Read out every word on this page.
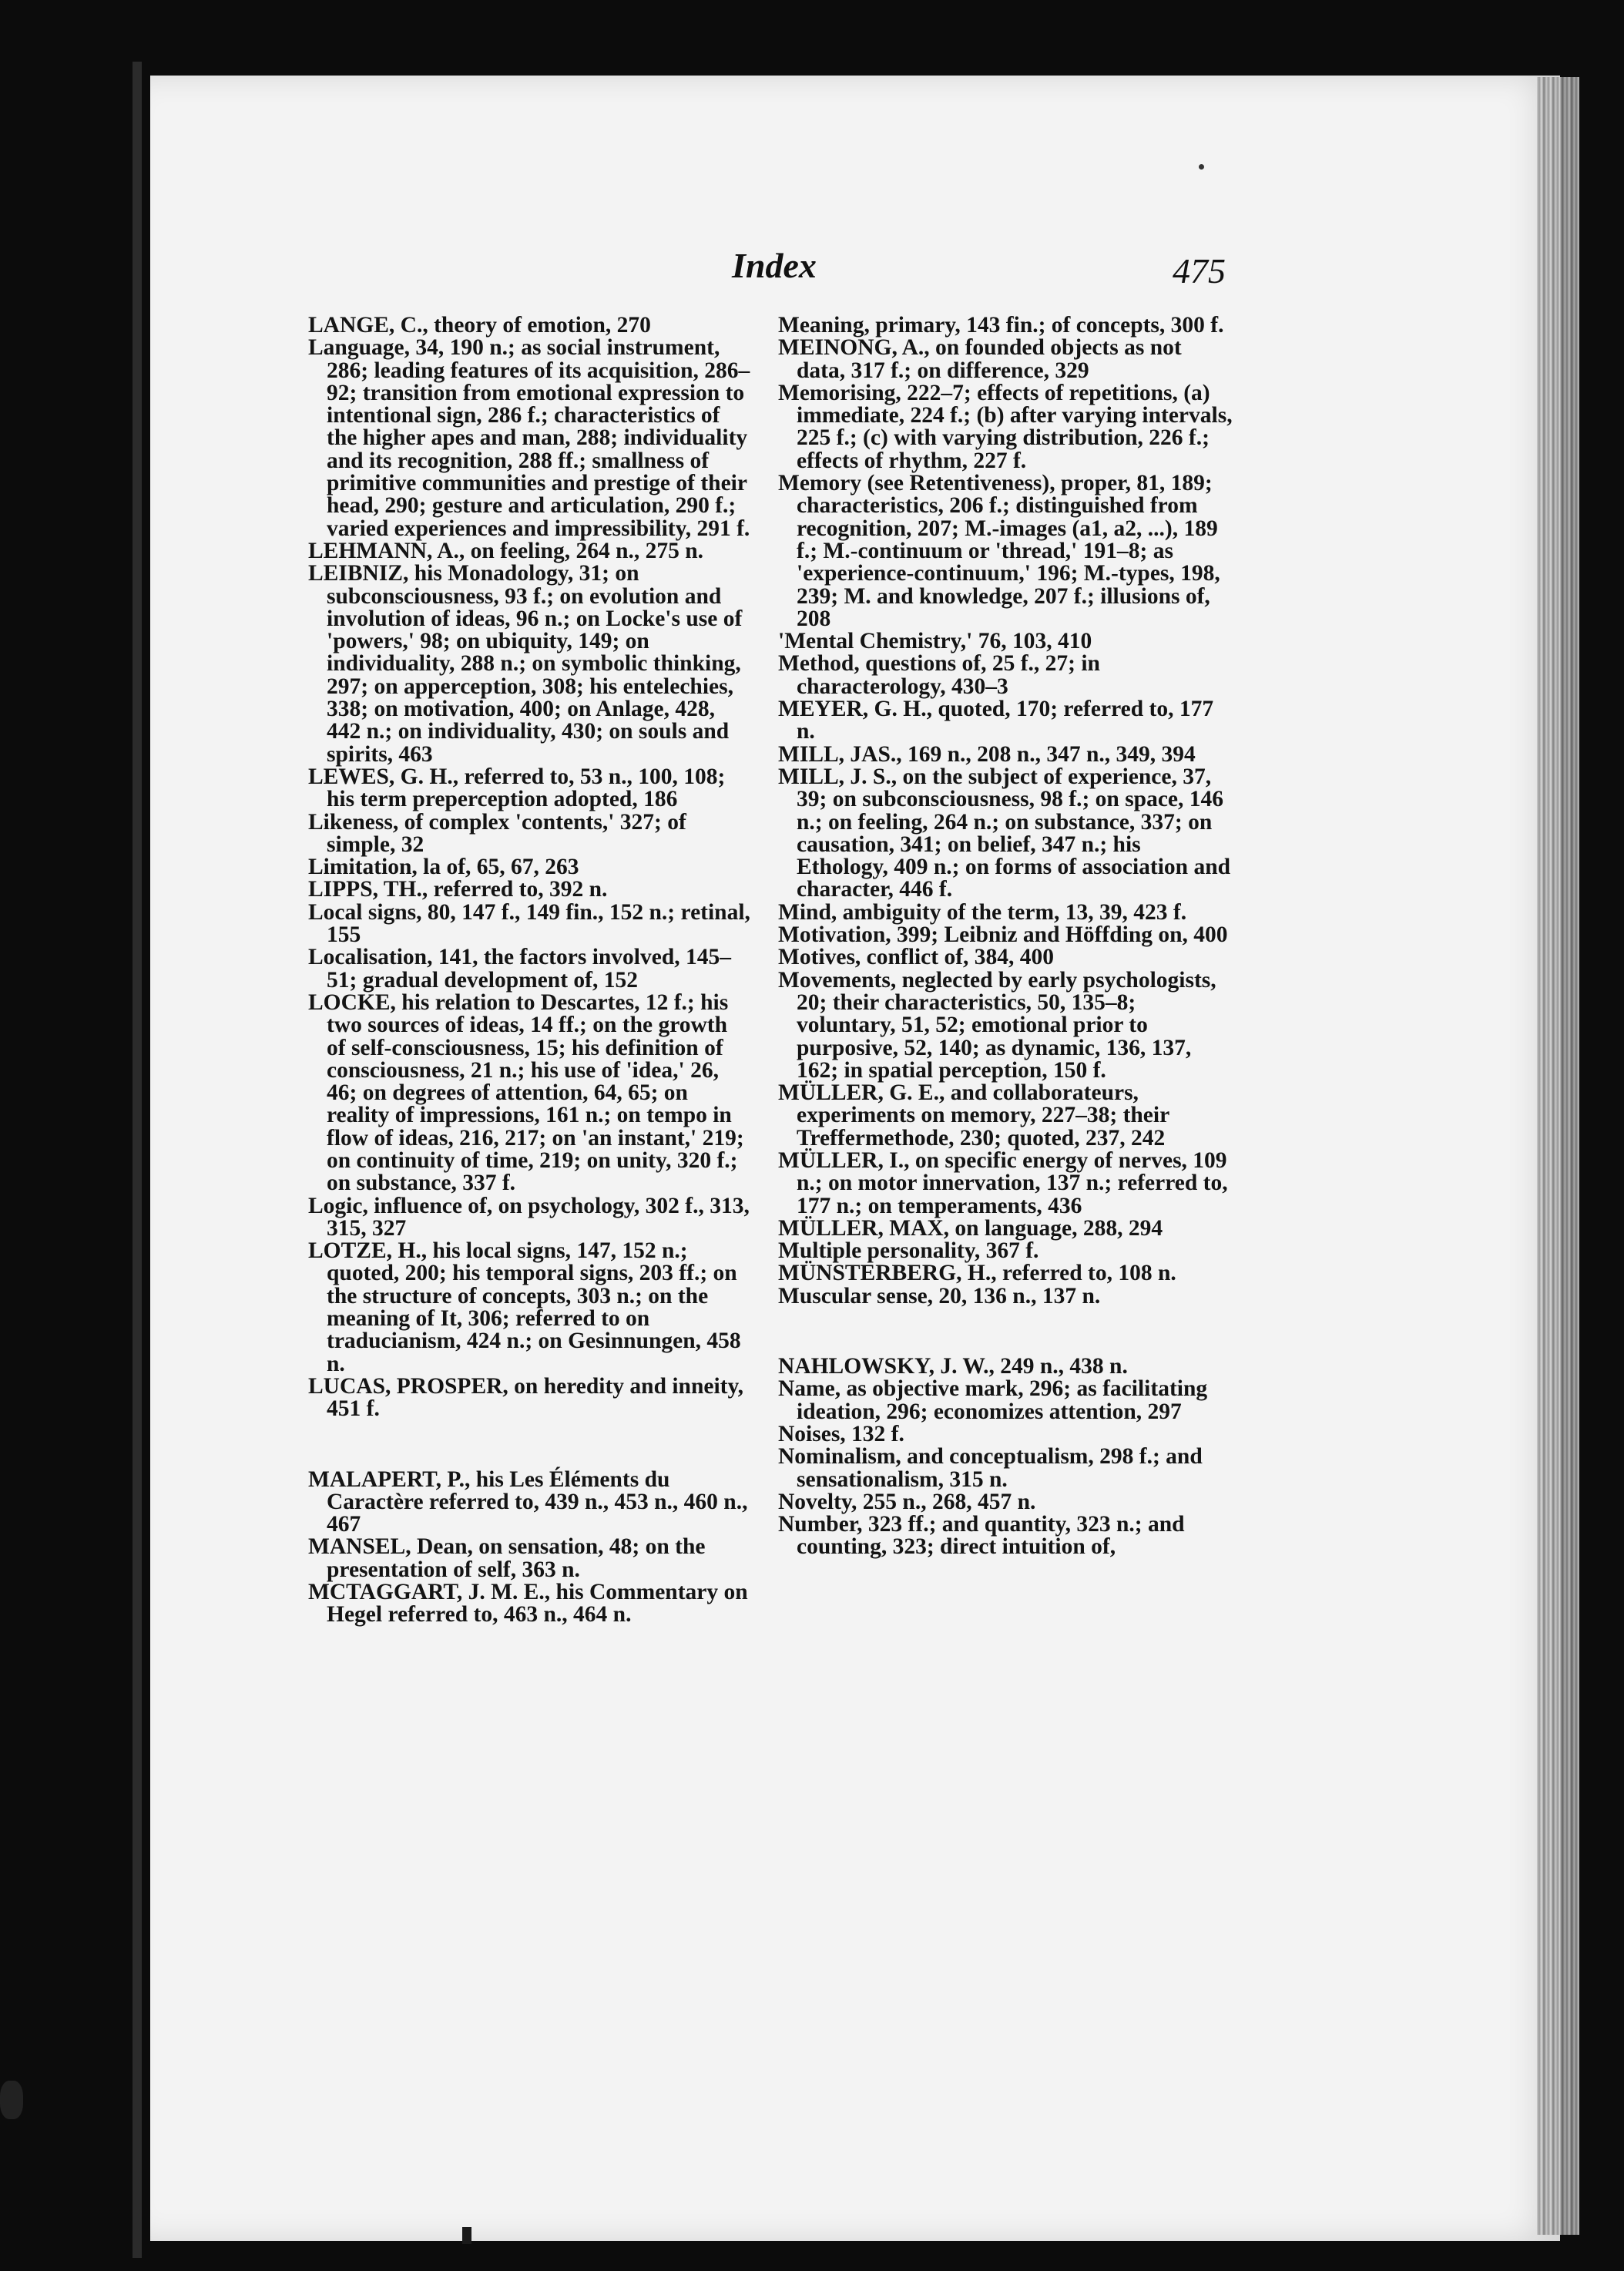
Index	475

LANGE, C., theory of emotion, 270

Language, 34, 190 n.; as social instrument, 286; leading features of its acquisition, 286–92; transition from emotional expression to intentional sign, 286 f.; characteristics of the higher apes and man, 288; individuality and its recognition, 288 ff.; smallness of primitive communities and prestige of their head, 290; gesture and articulation, 290 f.; varied experiences and impressibility, 291 f.

LEHMANN, A., on feeling, 264 n., 275 n.

LEIBNIZ, his Monadology, 31; on subconsciousness, 93 f.; on evolution and involution of ideas, 96 n.; on Locke's use of 'powers,' 98; on ubiquity, 149; on individuality, 288 n.; on symbolic thinking, 297; on apperception, 308; his entelechies, 338; on motivation, 400; on Anlage, 428, 442 n.; on individuality, 430; on souls and spirits, 463

LEWES, G. H., referred to, 53 n., 100, 108; his term preperception adopted, 186

Likeness, of complex 'contents,' 327; of simple, 32

Limitation, la of, 65, 67, 263

LIPPS, TH., referred to, 392 n.

Local signs, 80, 147 f., 149 fin., 152 n.; retinal, 155

Localisation, 141, the factors involved, 145–51; gradual development of, 152

LOCKE, his relation to Descartes, 12 f.; his two sources of ideas, 14 ff.; on the growth of self-consciousness, 15; his definition of consciousness, 21 n.; his use of 'idea,' 26, 46; on degrees of attention, 64, 65; on reality of impressions, 161 n.; on tempo in flow of ideas, 216, 217; on 'an instant,' 219; on continuity of time, 219; on unity, 320 f.; on substance, 337 f.

Logic, influence of, on psychology, 302 f., 313, 315, 327

LOTZE, H., his local signs, 147, 152 n.; quoted, 200; his temporal signs, 203 ff.; on the structure of concepts, 303 n.; on the meaning of It, 306; referred to on traducianism, 424 n.; on Gesinnungen, 458 n.

LUCAS, PROSPER, on heredity and inneity, 451 f.

MALAPERT, P., his Les Éléments du Caractère referred to, 439 n., 453 n., 460 n., 467

MANSEL, Dean, on sensation, 48; on the presentation of self, 363 n.

MCTAGGART, J. M. E., his Commentary on Hegel referred to, 463 n., 464 n.

Meaning, primary, 143 fin.; of concepts, 300 f.

MEINONG, A., on founded objects as not data, 317 f.; on difference, 329

Memorising, 222–7; effects of repetitions, (a) immediate, 224 f.; (b) after varying intervals, 225 f.; (c) with varying distribution, 226 f.; effects of rhythm, 227 f.

Memory (see Retentiveness), proper, 81, 189; characteristics, 206 f.; distinguished from recognition, 207; M.-images (a1, a2, ...), 189 f.; M.-continuum or 'thread,' 191–8; as 'experience-continuum,' 196; M.-types, 198, 239; M. and knowledge, 207 f.; illusions of, 208

'Mental Chemistry,' 76, 103, 410

Method, questions of, 25 f., 27; in characterology, 430–3

MEYER, G. H., quoted, 170; referred to, 177 n.

MILL, JAS., 169 n., 208 n., 347 n., 349, 394

MILL, J. S., on the subject of experience, 37, 39; on subconsciousness, 98 f.; on space, 146 n.; on feeling, 264 n.; on substance, 337; on causation, 341; on belief, 347 n.; his Ethology, 409 n.; on forms of association and character, 446 f.

Mind, ambiguity of the term, 13, 39, 423 f.

Motivation, 399; Leibniz and Höffding on, 400

Motives, conflict of, 384, 400

Movements, neglected by early psychologists, 20; their characteristics, 50, 135–8; voluntary, 51, 52; emotional prior to purposive, 52, 140; as dynamic, 136, 137, 162; in spatial perception, 150 f.

MÜLLER, G. E., and collaborateurs, experiments on memory, 227–38; their Treffermethode, 230; quoted, 237, 242

MÜLLER, I., on specific energy of nerves, 109 n.; on motor innervation, 137 n.; referred to, 177 n.; on temperaments, 436

MÜLLER, MAX, on language, 288, 294

Multiple personality, 367 f.

MÜNSTERBERG, H., referred to, 108 n.

Muscular sense, 20, 136 n., 137 n.

NAHLOWSKY, J. W., 249 n., 438 n.

Name, as objective mark, 296; as facilitating ideation, 296; economizes attention, 297

Noises, 132 f.

Nominalism, and conceptualism, 298 f.; and sensationalism, 315 n.

Novelty, 255 n., 268, 457 n.

Number, 323 ff.; and quantity, 323 n.; and counting, 323; direct intuition of,
